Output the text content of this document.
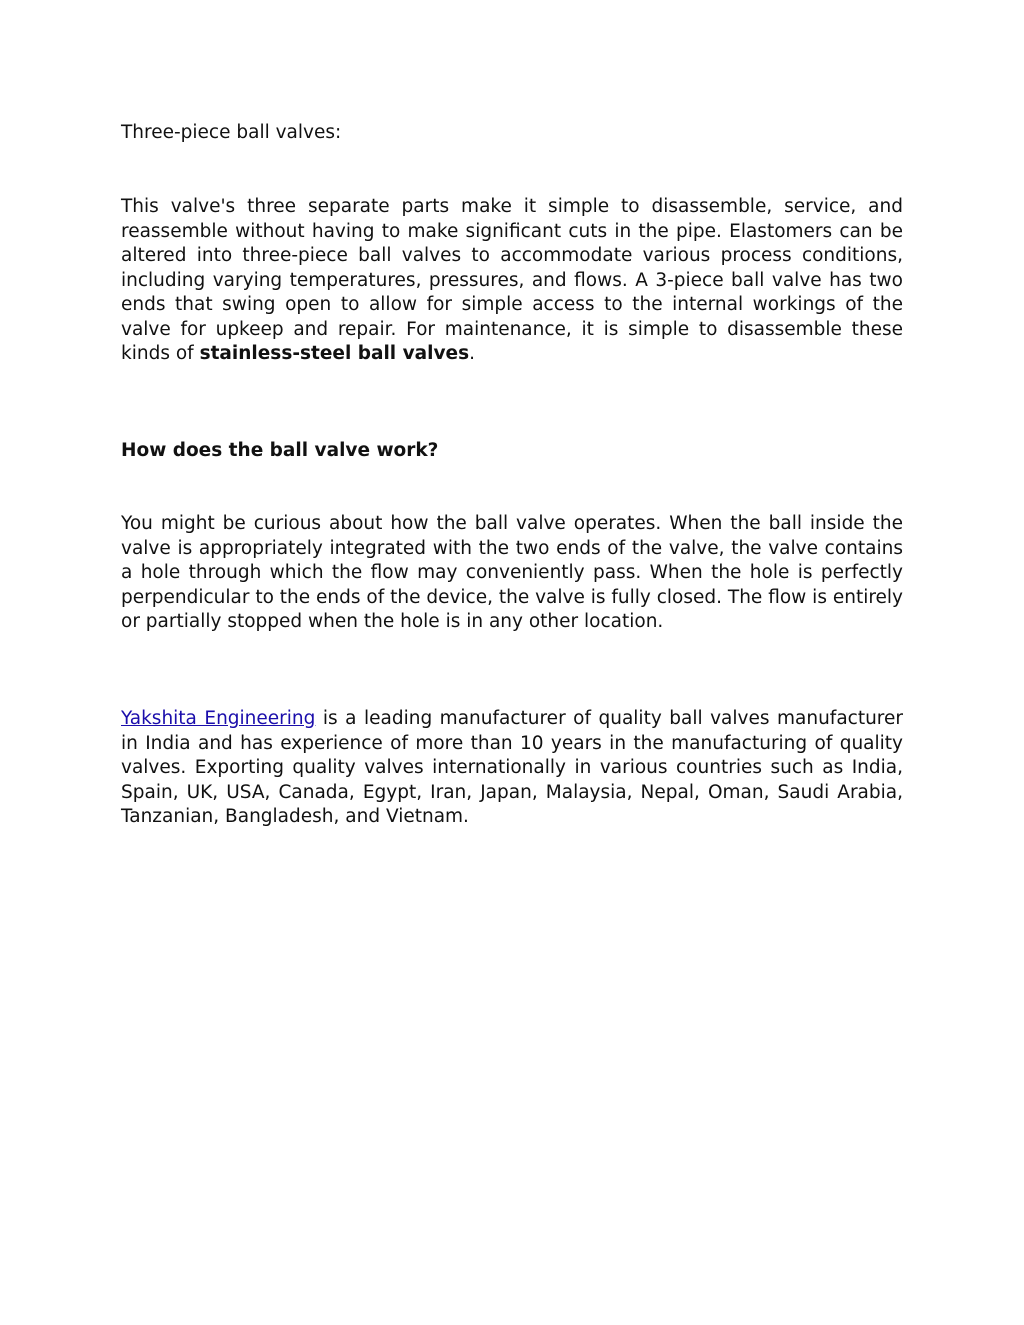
Three-piece ball valves:

This valve's three separate parts make it simple to disassemble, service, and reassemble without having to make significant cuts in the pipe. Elastomers can be altered into three-piece ball valves to accommodate various process conditions, including varying temperatures, pressures, and flows. A 3-piece ball valve has two ends that swing open to allow for simple access to the internal workings of the valve for upkeep and repair. For maintenance, it is simple to disassemble these kinds of stainless-steel ball valves.

How does the ball valve work?

You might be curious about how the ball valve operates. When the ball inside the valve is appropriately integrated with the two ends of the valve, the valve contains a hole through which the flow may conveniently pass. When the hole is perfectly perpendicular to the ends of the device, the valve is fully closed. The flow is entirely or partially stopped when the hole is in any other location.

Yakshita Engineering is a leading manufacturer of quality ball valves manufacturer in India and has experience of more than 10 years in the manufacturing of quality valves. Exporting quality valves internationally in various countries such as India, Spain, UK, USA, Canada, Egypt, Iran, Japan, Malaysia, Nepal, Oman, Saudi Arabia, Tanzanian, Bangladesh, and Vietnam.
